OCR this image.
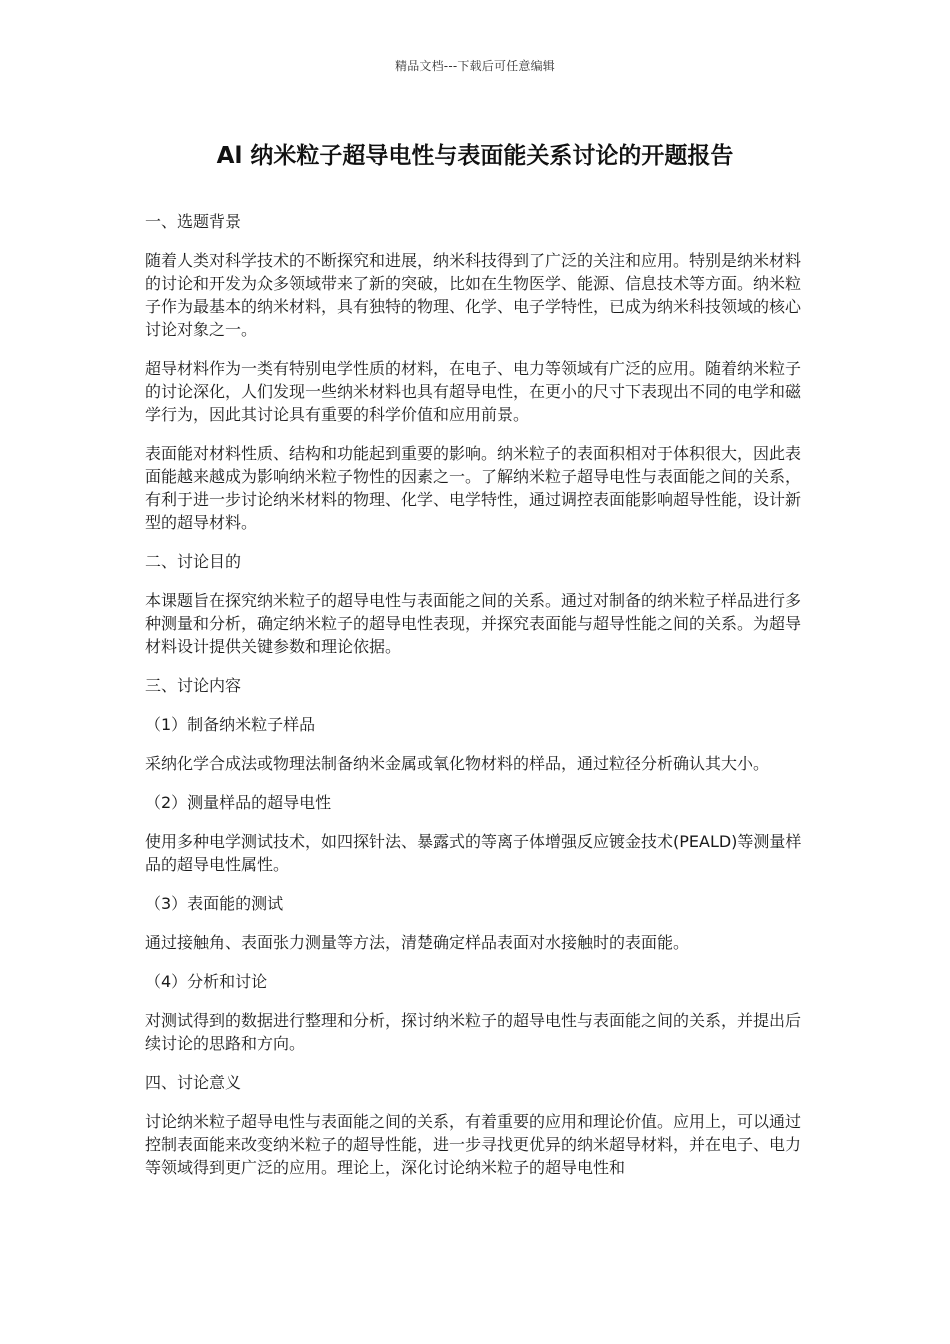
精品文档---下载后可任意编辑
Al 纳米粒子超导电性与表面能关系讨论的开题报告

一、选题背景

随着人类对科学技术的不断探究和进展，纳米科技得到了广泛的关注和应用。特别是纳米材料的讨论和开发为众多领域带来了新的突破，比如在生物医学、能源、信息技术等方面。纳米粒子作为最基本的纳米材料，具有独特的物理、化学、电子学特性，已成为纳米科技领域的核心讨论对象之一。

超导材料作为一类有特别电学性质的材料，在电子、电力等领域有广泛的应用。随着纳米粒子的讨论深化，人们发现一些纳米材料也具有超导电性，在更小的尺寸下表现出不同的电学和磁学行为，因此其讨论具有重要的科学价值和应用前景。

表面能对材料性质、结构和功能起到重要的影响。纳米粒子的表面积相对于体积很大，因此表面能越来越成为影响纳米粒子物性的因素之一。了解纳米粒子超导电性与表面能之间的关系，有利于进一步讨论纳米材料的物理、化学、电学特性，通过调控表面能影响超导性能，设计新型的超导材料。

二、讨论目的

本课题旨在探究纳米粒子的超导电性与表面能之间的关系。通过对制备的纳米粒子样品进行多种测量和分析，确定纳米粒子的超导电性表现，并探究表面能与超导性能之间的关系。为超导材料设计提供关键参数和理论依据。

三、讨论内容

（1）制备纳米粒子样品

采纳化学合成法或物理法制备纳米金属或氧化物材料的样品，通过粒径分析确认其大小。

（2）测量样品的超导电性

使用多种电学测试技术，如四探针法、暴露式的等离子体增强反应镀金技术(PEALD)等测量样品的超导电性属性。

（3）表面能的测试

通过接触角、表面张力测量等方法，清楚确定样品表面对水接触时的表面能。

（4）分析和讨论

对测试得到的数据进行整理和分析，探讨纳米粒子的超导电性与表面能之间的关系，并提出后续讨论的思路和方向。

四、讨论意义

讨论纳米粒子超导电性与表面能之间的关系，有着重要的应用和理论价值。应用上，可以通过控制表面能来改变纳米粒子的超导性能，进一步寻找更优异的纳米超导材料，并在电子、电力等领域得到更广泛的应用。理论上，深化讨论纳米粒子的超导电性和
